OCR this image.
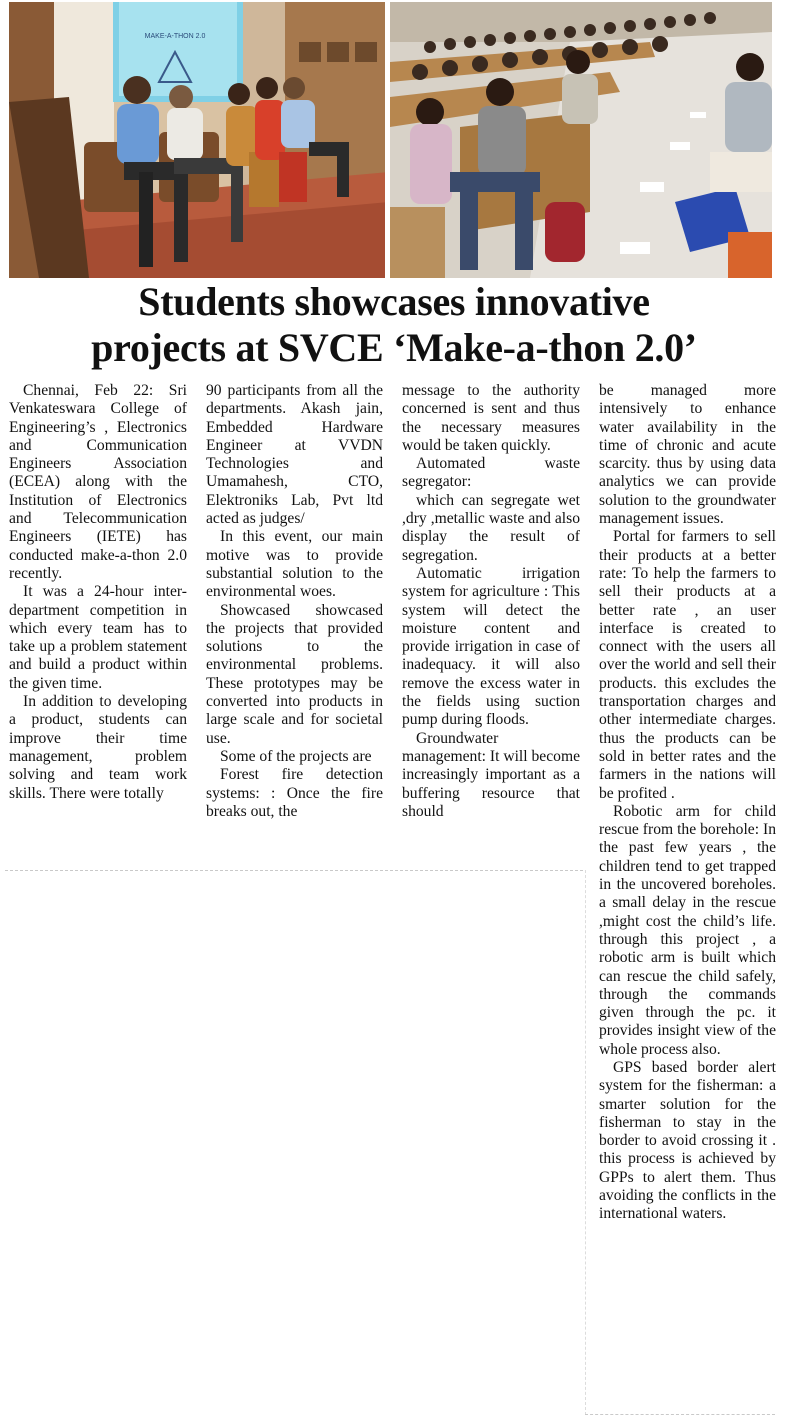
MAKE-A-THON 2.0
Students showcases innovative
projects at SVCE ‘Make-a-thon 2.0’

Chennai, Feb 22: Sri Venkateswara College of Engineering’s , Electronics and Communication Engineers Association (ECEA) along with the Institution of Electronics and Telecommunication Engineers (IETE) has conducted make-a-thon 2.0 recently.

It was a 24-hour inter-department competition in which every team has to take up a problem statement and build a product within the given time.

In addition to developing a product, students can improve their time management, problem solving and team work skills. There were totally

90 participants from all the departments. Akash jain, Embedded Hardware Engineer at VVDN Technologies and Umamahesh, CTO, Elektroniks Lab, Pvt ltd acted as judges/

In this event, our main motive was to provide substantial solution to the environmental woes.

Showcased showcased the projects that provided solutions to the environmental problems. These prototypes may be converted into products in large scale and for societal use.

Some of the projects are

Forest fire detection systems: : Once the fire breaks out, the

message to the authority concerned is sent and thus the necessary measures would be taken quickly.

Automated waste segregator:

which can segregate wet ,dry ,metallic waste and also display the result of segregation.

Automatic irrigation system for agriculture : This system will detect the moisture content and provide irrigation in case of inadequacy. it will also remove the excess water in the fields using suction pump during floods.

Groundwater management: It will become increasingly important as a buffering resource that should

be managed more intensively to enhance water availability in the time of chronic and acute scarcity. thus by using data analytics we can provide solution to the groundwater management issues.

Portal for farmers to sell their products at a better rate: To help the farmers to sell their products at a better rate , an user interface is created to connect with the users all over the world and sell their products. this excludes the transportation charges and other intermediate charges. thus the products can be sold in better rates and the farmers in the nations will be profited .

Robotic arm for child rescue from the borehole: In the past few years , the children tend to get trapped in the uncovered boreholes. a small delay in the rescue ,might cost the child’s life. through this project , a robotic arm is built which can rescue the child safely, through the commands given through the pc. it provides insight view of the whole process also.

GPS based border alert system for the fisherman: a smarter solution for the fisherman to stay in the border to avoid crossing it . this process is achieved by GPPs to alert them. Thus avoiding the conflicts in the international waters.
